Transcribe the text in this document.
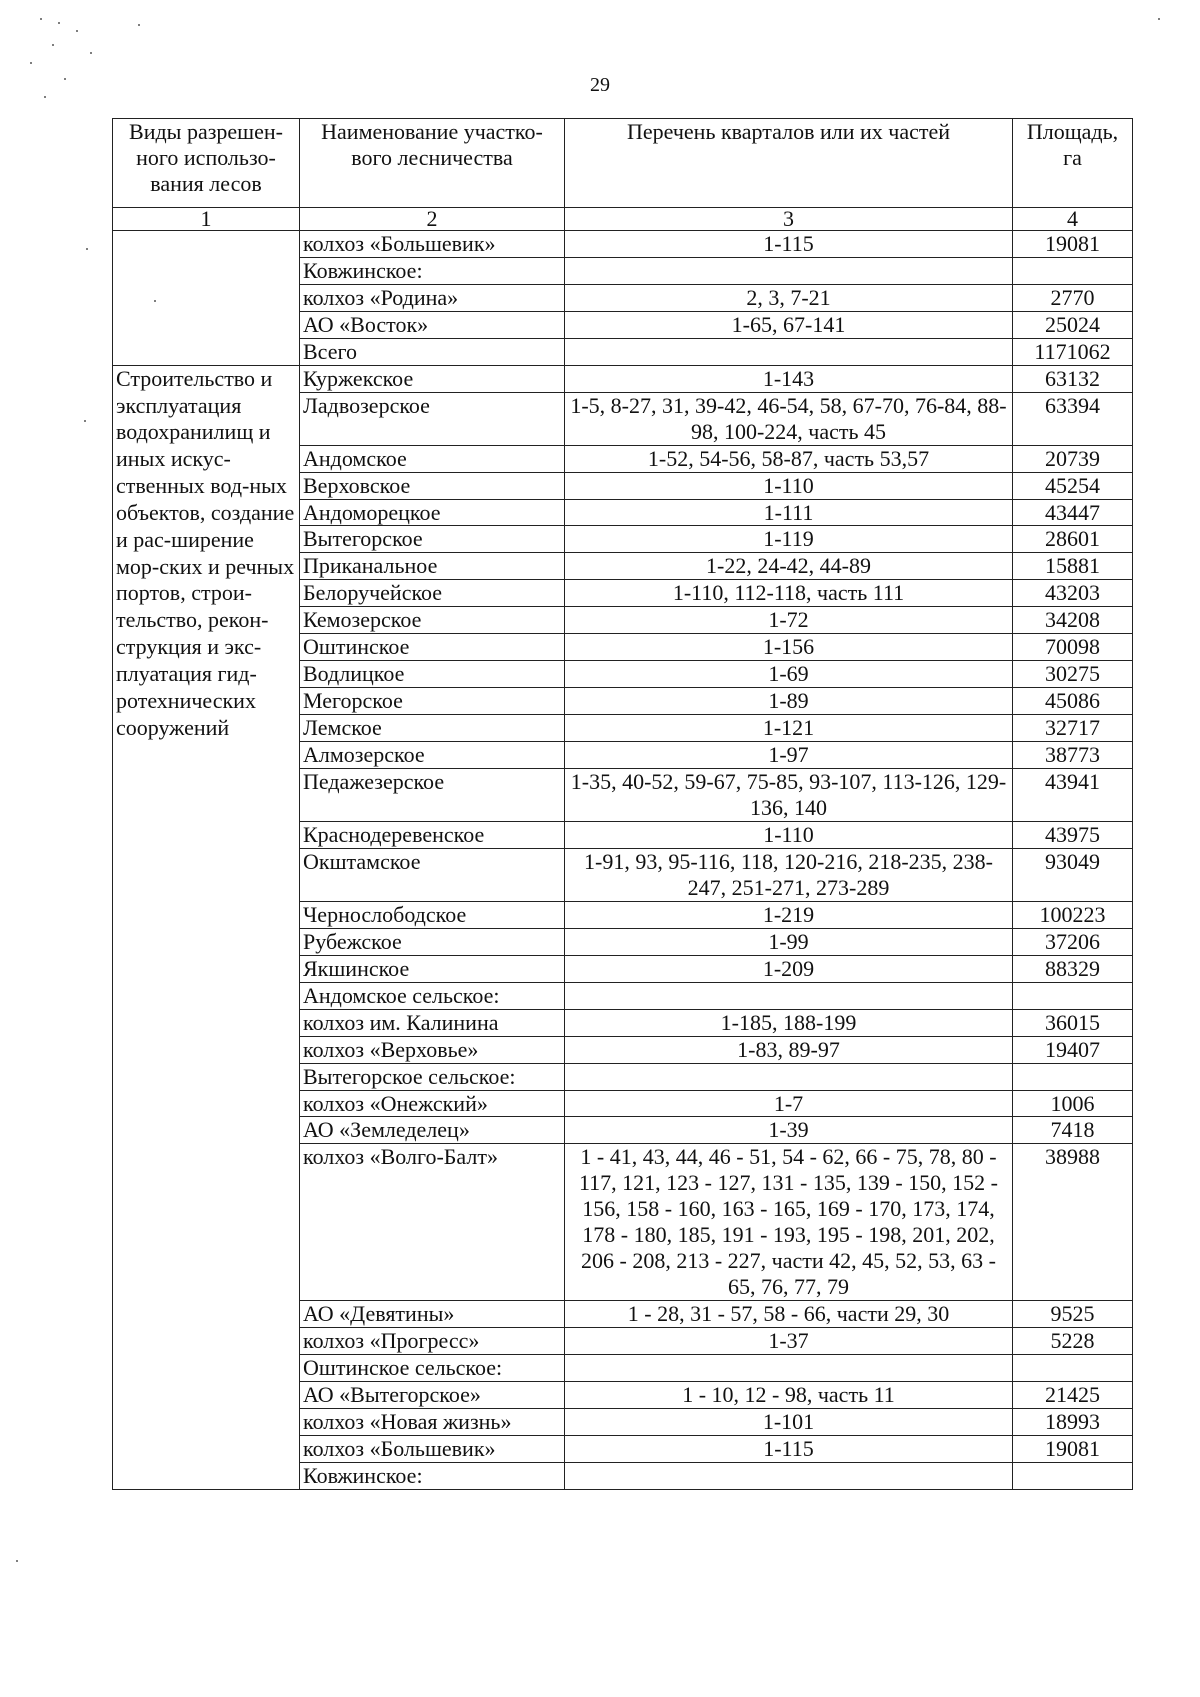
29
Виды разрешен-ного использо-вания лесов	Наименование участко-вого лесничества	Перечень кварталов или их частей	Площадь, га
1	2	3	4
	колхоз «Большевик»	1-115	19081
	Ковжинское:		
	колхоз «Родина»	2, 3, 7-21	2770
	АО «Восток»	1-65, 67-141	25024
	Всего		1171062
Строительство и эксплуатация водохранилищ и иных искус-ственных вод-ных объектов, создание и рас-ширение мор-ских и речных портов, строи-тельство, рекон-струкция и экс-плуатация гид-ротехнических сооружений	Куржекское	1-143	63132
	Ладвозерское	1-5, 8-27, 31, 39-42, 46-54, 58, 67-70, 76-84, 88-98, 100-224, часть 45	63394
	Андомское	1-52, 54-56, 58-87, часть 53,57	20739
	Верховское	1-110	45254
	Андоморецкое	1-111	43447
	Вытегорское	1-119	28601
	Приканальное	1-22, 24-42, 44-89	15881
	Белоручейское	1-110, 112-118, часть 111	43203
	Кемозерское	1-72	34208
	Оштинское	1-156	70098
	Водлицкое	1-69	30275
	Мегорское	1-89	45086
	Лемское	1-121	32717
	Алмозерское	1-97	38773
	Педажезерское	1-35, 40-52, 59-67, 75-85, 93-107, 113-126, 129-136, 140	43941
	Краснодеревенское	1-110	43975
	Окштамское	1-91, 93, 95-116, 118, 120-216, 218-235, 238-247, 251-271, 273-289	93049
	Чернослободское	1-219	100223
	Рубежское	1-99	37206
	Якшинское	1-209	88329
	Андомское сельское:		
	колхоз им. Калинина	1-185, 188-199	36015
	колхоз «Верховье»	1-83, 89-97	19407
	Вытегорское сельское:		
	колхоз «Онежский»	1-7	1006
	АО «Земледелец»	1-39	7418
	колхоз «Волго-Балт»	1 - 41, 43, 44, 46 - 51, 54 - 62, 66 - 75, 78, 80 - 117, 121, 123 - 127, 131 - 135, 139 - 150, 152 - 156, 158 - 160, 163 - 165, 169 - 170, 173, 174, 178 - 180, 185, 191 - 193, 195 - 198, 201, 202, 206 - 208, 213 - 227, части 42, 45, 52, 53, 63 - 65, 76, 77, 79	38988
	АО «Девятины»	1 - 28, 31 - 57, 58 - 66, части 29, 30	9525
	колхоз «Прогресс»	1-37	5228
	Оштинское сельское:		
	АО «Вытегорское»	1 - 10, 12 - 98, часть 11	21425
	колхоз «Новая жизнь»	1-101	18993
	колхоз «Большевик»	1-115	19081
	Ковжинское:		
